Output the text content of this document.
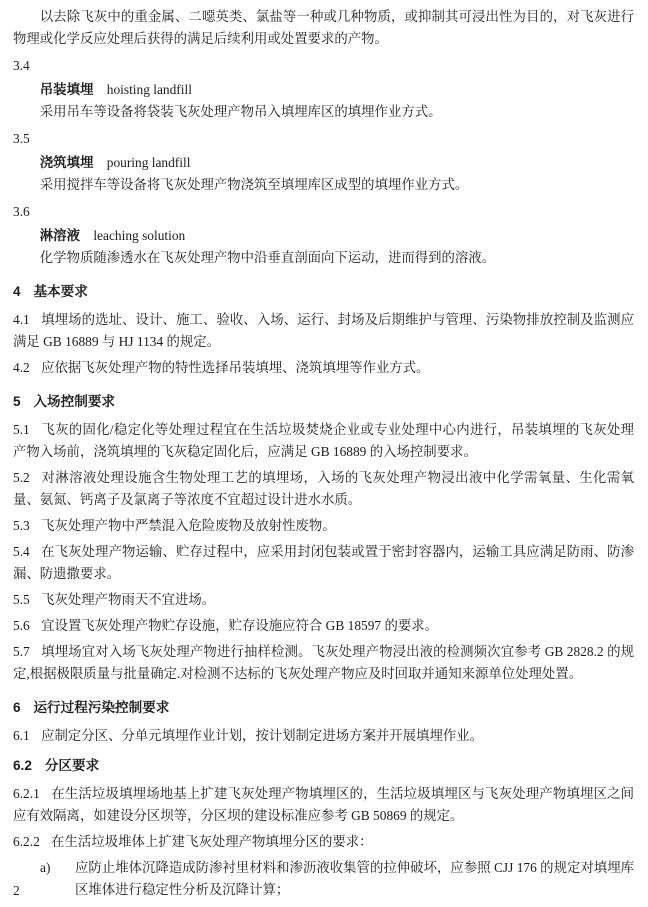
以去除飞灰中的重金属、二噁英类、氯盐等一种或几种物质，或抑制其可浸出性为目的，对飞灰进行物理或化学反应处理后获得的满足后续利用或处置要求的产物。

3.4

吊装填埋 hoisting landfill

采用吊车等设备将袋装飞灰处理产物吊入填埋库区的填埋作业方式。

3.5

浇筑填埋 pouring landfill

采用搅拌车等设备将飞灰处理产物浇筑至填埋库区成型的填埋作业方式。

3.6

淋溶液 leaching solution

化学物质随渗透水在飞灰处理产物中沿垂直剖面向下运动，进而得到的溶液。

4 基本要求

4.1 填埋场的选址、设计、施工、验收、入场、运行、封场及后期维护与管理、污染物排放控制及监测应满足 GB 16889 与 HJ 1134 的规定。

4.2 应依据飞灰处理产物的特性选择吊装填埋、浇筑填埋等作业方式。

5 入场控制要求

5.1 飞灰的固化/稳定化等处理过程宜在生活垃圾焚烧企业或专业处理中心内进行，吊装填埋的飞灰处理产物入场前，浇筑填埋的飞灰稳定固化后，应满足 GB 16889 的入场控制要求。

5.2 对淋溶液处理设施含生物处理工艺的填埋场，入场的飞灰处理产物浸出液中化学需氧量、生化需氧量、氨氮、钙离子及氯离子等浓度不宜超过设计进水水质。

5.3 飞灰处理产物中严禁混入危险废物及放射性废物。

5.4 在飞灰处理产物运输、贮存过程中，应采用封闭包装或置于密封容器内，运输工具应满足防雨、防渗漏、防遗撒要求。

5.5 飞灰处理产物雨天不宜进场。

5.6 宜设置飞灰处理产物贮存设施，贮存设施应符合 GB 18597 的要求。

5.7 填埋场宜对入场飞灰处理产物进行抽样检测。飞灰处理产物浸出液的检测频次宜参考 GB 2828.2 的规定,根据极限质量与批量确定.对检测不达标的飞灰处理产物应及时回取并通知来源单位处理处置。

6 运行过程污染控制要求

6.1 应制定分区、分单元填埋作业计划，按计划制定进场方案并开展填埋作业。

6.2 分区要求

6.2.1 在生活垃圾填埋场地基上扩建飞灰处理产物填埋区的，生活垃圾填埋区与飞灰处理产物填埋区之间应有效隔离，如建设分区坝等，分区坝的建设标准应参考 GB 50869 的规定。

6.2.2 在生活垃圾堆体上扩建飞灰处理产物填埋分区的要求：

a) 应防止堆体沉降造成防渗衬里材料和渗沥液收集管的拉伸破坏，应参照 CJJ 176 的规定对填埋库区堆体进行稳定性分析及沉降计算；

2
